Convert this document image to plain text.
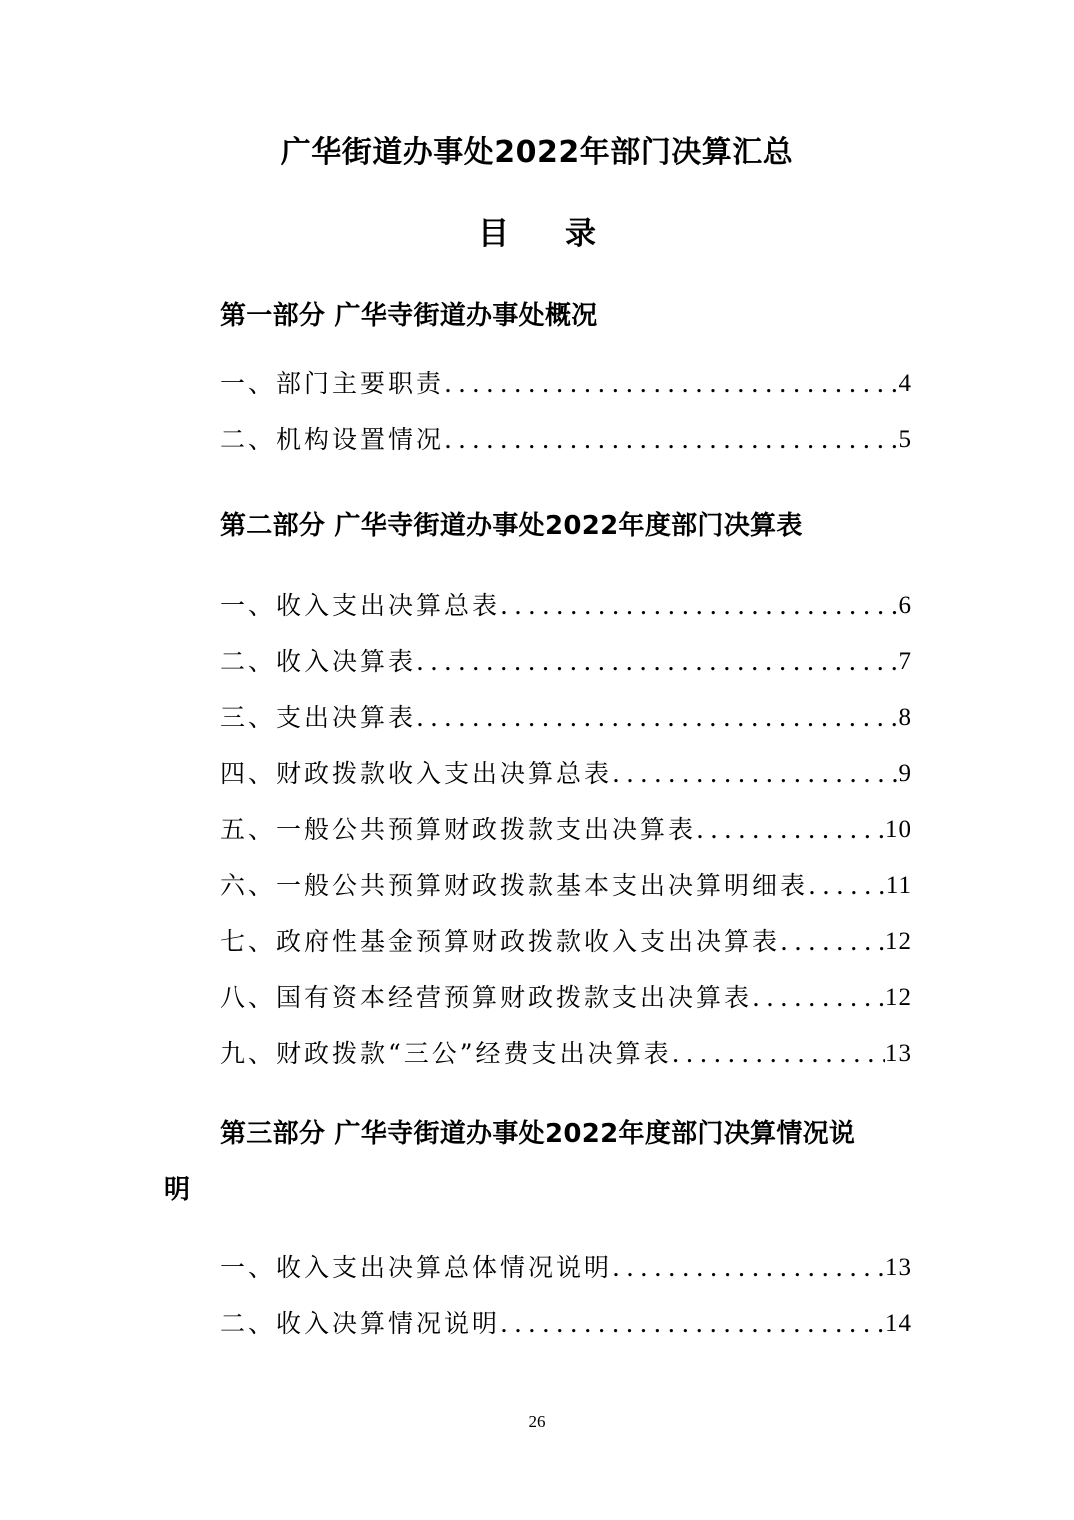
广华街道办事处2022年部门决算汇总
目 录
第一部分 广华寺街道办事处概况
一、部门主要职责 .....	4
二、机构设置情况 .....	5
第二部分 广华寺街道办事处2022年度部门决算表
一、收入支出决算总表 .....	6
二、收入决算表 .....	7
三、支出决算表 .....	8
四、财政拨款收入支出决算总表 .....	9
五、一般公共预算财政拨款支出决算表 .....	10
六、一般公共预算财政拨款基本支出决算明细表 .....	11
七、政府性基金预算财政拨款收入支出决算表 .....	12
八、国有资本经营预算财政拨款支出决算表 .....	12
九、财政拨款“三公”经费支出决算表 .....	13
第三部分 广华寺街道办事处2022年度部门决算情况说
明
一、收入支出决算总体情况说明 .....	13
二、收入决算情况说明 .....	14
26
